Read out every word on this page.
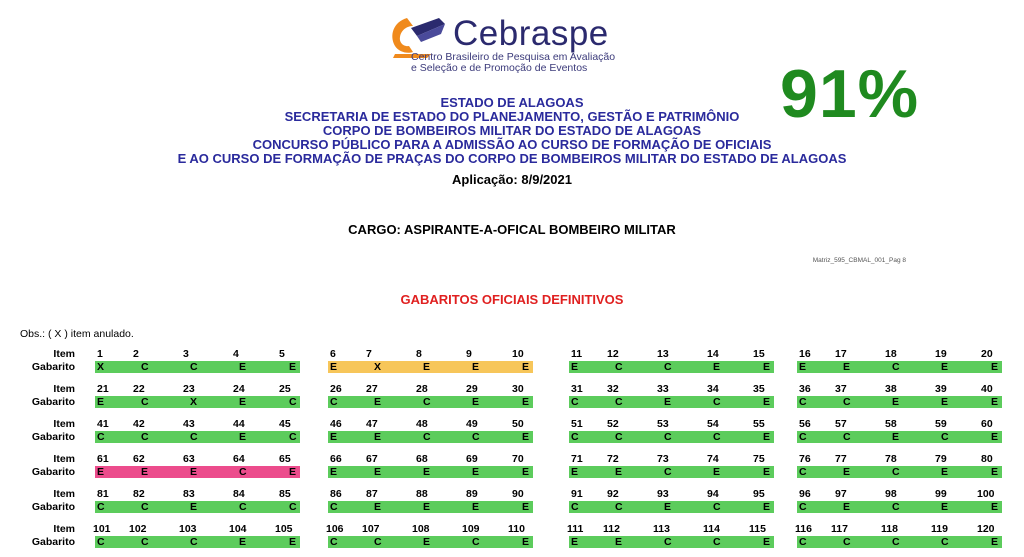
Cebraspe
Centro Brasileiro de Pesquisa em Avaliação
e Seleção e de Promoção de Eventos	91%
ESTADO DE ALAGOAS
SECRETARIA DE ESTADO DO PLANEJAMENTO, GESTÃO E PATRIMÔNIO
CORPO DE BOMBEIROS MILITAR DO ESTADO DE ALAGOAS
CONCURSO PÚBLICO PARA A ADMISSÃO AO CURSO DE FORMAÇÃO DE OFICIAIS
E AO CURSO DE FORMAÇÃO DE PRAÇAS DO CORPO DE BOMBEIROS MILITAR DO ESTADO DE ALAGOAS
Aplicação: 8/9/2021
CARGO: ASPIRANTE-A-OFICAL BOMBEIRO MILITAR
Matriz_595_CBMAL_001_Pag 8
GABARITOS OFICIAIS DEFINITIVOS
Obs.: ( X ) item anulado.
Item
Gabarito
Item
Gabarito
Item
Gabarito
Item
Gabarito
Item
Gabarito
Item
Gabarito
1	2	3	4	5
X	C	C	E	E
6	7	8	9	10
E	X	E	E	E
11 12	13	14	15
E	C	C	E	E
16 17	18	19	20
E	E	C	E	E
21 22	23	24	25
E	C	X	E	C
26 27	28	29	30
C	E	C	E	E
31 32	33	34	35
C	C	E	C	E
36 37	38	39	40
C	C	E	E	E
41 42	43	44	45
C	C	C	E	C
46 47	48	49	50
E	E	C	C	E
51 52	53	54	55
C	C	C	C	E
56 57	58	59	60
C	C	E	C	E
61 62	63	64	65
E	E	E	C	E
66 67	68	69	70
E	E	E	E	E
71 72	73	74	75
E	E	C	E	E
76 77	78	79	80
C	E	C	E	E
81 82	83	84	85
C	C	E	C	C
86 87	88	89	90
C	E	E	E	E
91 92	93	94	95
C	C	E	C	E
96 97	98	99	100
C	E	C	E	E
101 102	103	104	105
C	C	C	E	E
106 107	108	109	110
C	C	E	C	E
111 112	113	114	115
E	E	C	C	E
116 117	118	119	120
C	C	C	C	E
